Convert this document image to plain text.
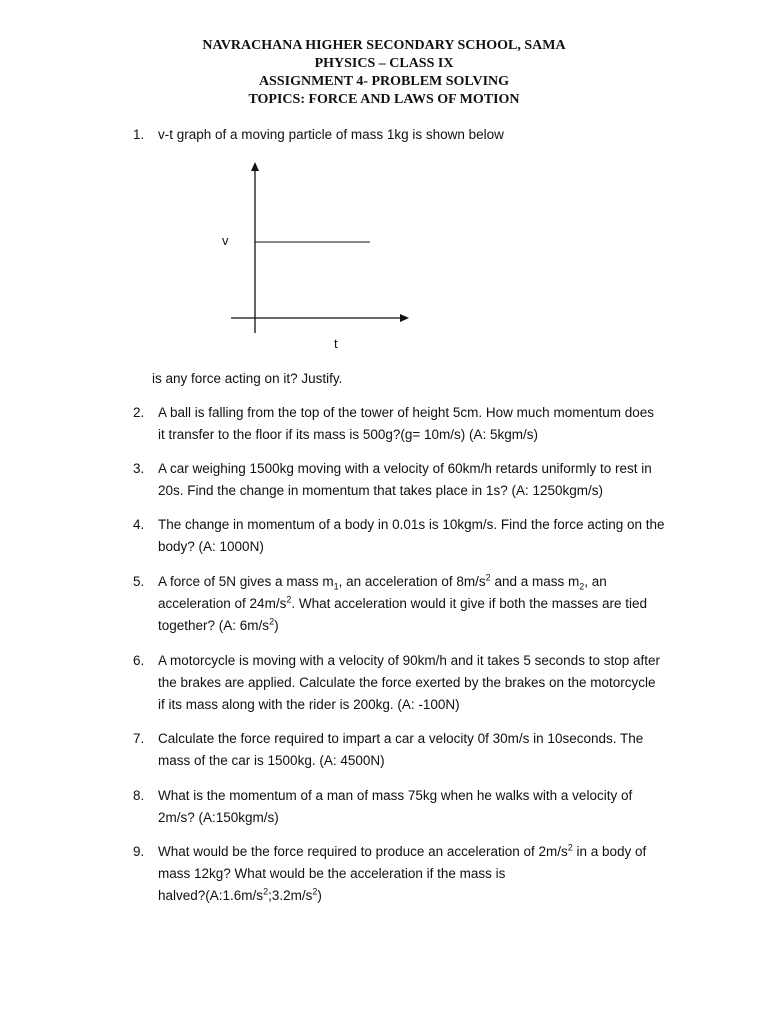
NAVRACHANA HIGHER SECONDARY SCHOOL, SAMA
PHYSICS – CLASS IX
ASSIGNMENT 4- PROBLEM SOLVING
TOPICS: FORCE AND LAWS OF MOTION
1. v-t graph of a moving particle of mass 1kg is shown below
v
t
is any force acting on it? Justify.
2. A ball is falling from the top of the tower of height 5cm. How much momentum does
it transfer to the floor if its mass is 500g?(g= 10m/s) (A: 5kgm/s)
3. A car weighing 1500kg moving with a velocity of 60km/h retards uniformly to rest in
20s. Find the change in momentum that takes place in 1s? (A: 1250kgm/s)
4. The change in momentum of a body in 0.01s is 10kgm/s. Find the force acting on the
body? (A: 1000N)
5. A force of 5N gives a mass $m_1$, an acceleration of $8m/s^2$ and a mass $m_2$, an
acceleration of $24m/s^2$. What acceleration would it give if both the masses are tied
together? (A: $6m/s^2$)
6. A motorcycle is moving with a velocity of 90km/h and it takes 5 seconds to stop after
the brakes are applied. Calculate the force exerted by the brakes on the motorcycle
if its mass along with the rider is 200kg. (A: -100N)
7. Calculate the force required to impart a car a velocity 0f 30m/s in 10seconds. The
mass of the car is 1500kg. (A: 4500N)
8. What is the momentum of a man of mass 75kg when he walks with a velocity of
2m/s? (A:150kgm/s)
9. What would be the force required to produce an acceleration of $2m/s^2$ in a body of
mass 12kg? What would be the acceleration if the mass is
$halved?(A:1.6m/s^2;3.2m/s^2)$
